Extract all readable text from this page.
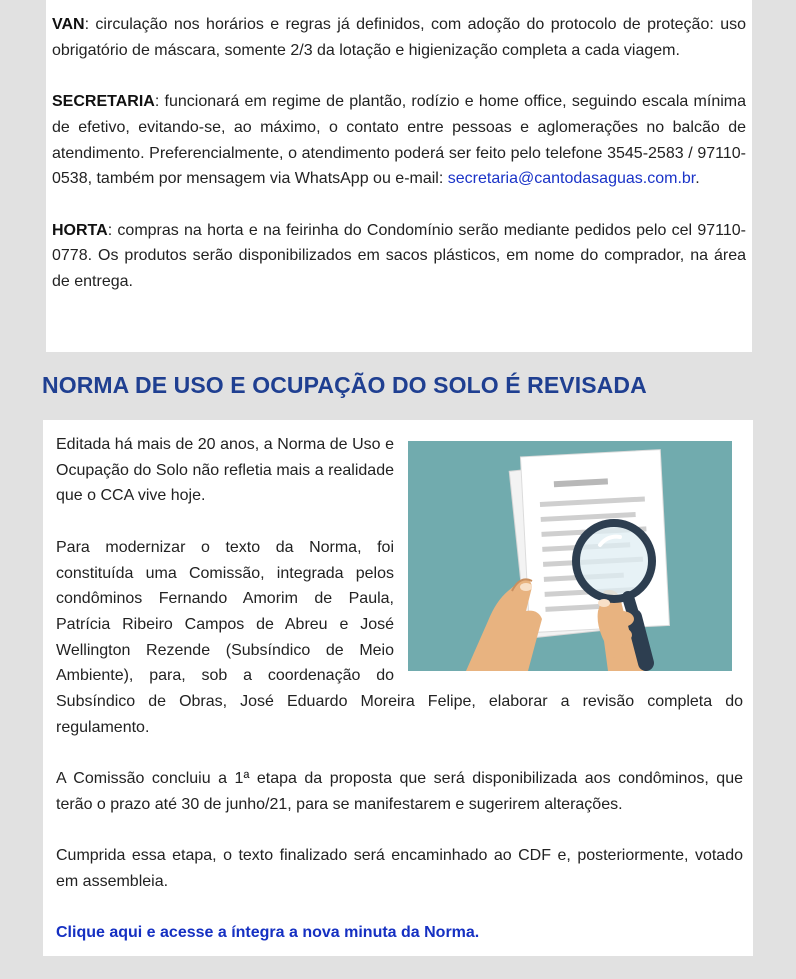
VAN: circulação nos horários e regras já definidos, com adoção do protocolo de proteção: uso obrigatório de máscara, somente 2/3 da lotação e higienização completa a cada viagem.

SECRETARIA: funcionará em regime de plantão, rodízio e home office, seguindo escala mínima de efetivo, evitando-se, ao máximo, o contato entre pessoas e aglomerações no balcão de atendimento. Preferencialmente, o atendimento poderá ser feito pelo telefone 3545-2583 / 97110-0538, também por mensagem via WhatsApp ou e-mail: secretaria@cantodasaguas.com.br.

HORTA: compras na horta e na feirinha do Condomínio serão mediante pedidos pelo cel 97110-0778. Os produtos serão disponibilizados em sacos plásticos, em nome do comprador, na área de entrega.

NORMA DE USO E OCUPAÇÃO DO SOLO É REVISADA

Editada há mais de 20 anos, a Norma de Uso e Ocupação do Solo não refletia mais a realidade que o CCA vive hoje.

Para modernizar o texto da Norma, foi constituída uma Comissão, integrada pelos condôminos Fernando Amorim de Paula, Patrícia Ribeiro Campos de Abreu e José Wellington Rezende (Subsíndico de Meio Ambiente), para, sob a coordenação do Subsíndico de Obras, José Eduardo Moreira Felipe, elaborar a revisão completa do regulamento.

A Comissão concluiu a 1ª etapa da proposta que será disponibilizada aos condôminos, que terão o prazo até 30 de junho/21, para se manifestarem e sugerirem alterações.

Cumprida essa etapa, o texto finalizado será encaminhado ao CDF e, posteriormente, votado em assembleia.

Clique aqui e acesse a íntegra a nova minuta da Norma.
